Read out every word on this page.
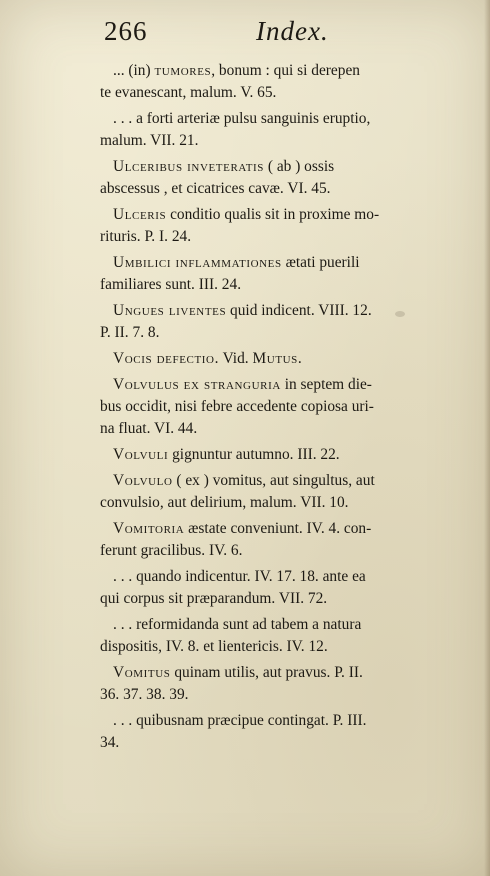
266	Index.
... (in) tumores, bonum : qui si derepen
te evanescant, malum. V. 65.
. . . a forti arteriæ pulsu sanguinis eruptio,
malum. VII. 21.
Ulceribus inveteratis ( ab ) ossis
abscessus , et cicatrices cavæ. VI. 45.
Ulceris conditio qualis sit in proxime mo-
rituris. P. I. 24.
Umbilici inflammationes ætati puerili
familiares sunt. III. 24.
Ungues liventes quid indicent. VIII. 12.
P. II. 7. 8.
Vocis defectio. Vid. Mutus.
Volvulus ex stranguria in septem die-
bus occidit, nisi febre accedente copiosa uri-
na fluat. VI. 44.
Volvuli gignuntur autumno. III. 22.
Volvulo ( ex ) vomitus, aut singultus, aut
convulsio, aut delirium, malum. VII. 10.
Vomitoria æstate conveniunt. IV. 4. con-
ferunt gracilibus. IV. 6.
. . . quando indicentur. IV. 17. 18. ante ea
qui corpus sit præparandum. VII. 72.
. . . reformidanda sunt ad tabem a natura
dispositis, IV. 8. et lientericis. IV. 12.
Vomitus quinam utilis, aut pravus. P. II.
36. 37. 38. 39.
. . . quibusnam præcipue contingat. P. III.
34.
